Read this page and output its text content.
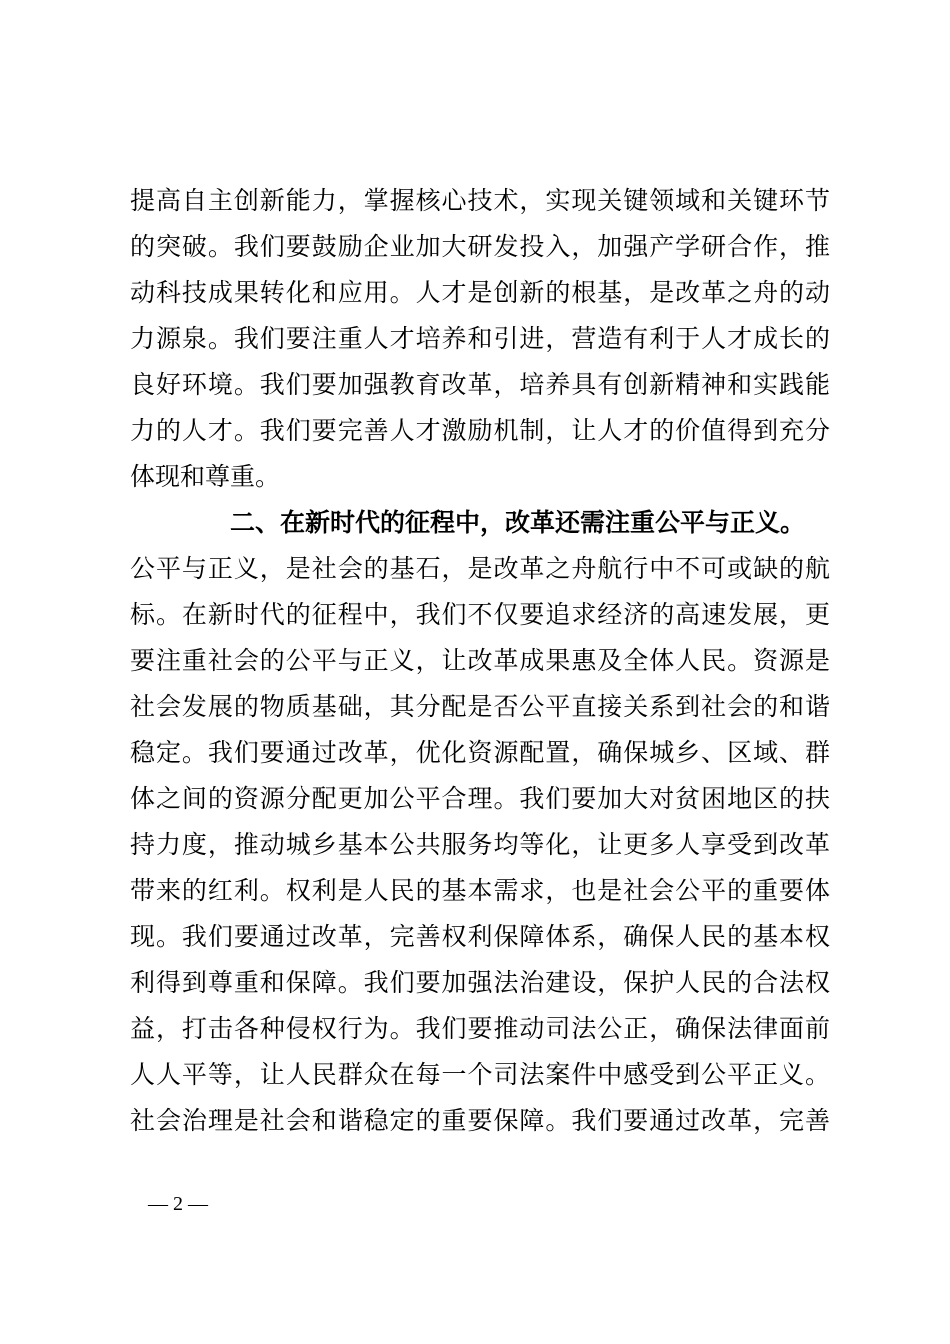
提高自主创新能力，掌握核心技术，实现关键领域和关键环节
的突破。我们要鼓励企业加大研发投入，加强产学研合作，推
动科技成果转化和应用。人才是创新的根基，是改革之舟的动
力源泉。我们要注重人才培养和引进，营造有利于人才成长的
良好环境。我们要加强教育改革，培养具有创新精神和实践能
力的人才。我们要完善人才激励机制，让人才的价值得到充分
体现和尊重。
二、在新时代的征程中，改革还需注重公平与正义。
公平与正义，是社会的基石，是改革之舟航行中不可或缺的航
标。在新时代的征程中，我们不仅要追求经济的高速发展，更
要注重社会的公平与正义，让改革成果惠及全体人民。资源是
社会发展的物质基础，其分配是否公平直接关系到社会的和谐
稳定。我们要通过改革，优化资源配置，确保城乡、区域、群
体之间的资源分配更加公平合理。我们要加大对贫困地区的扶
持力度，推动城乡基本公共服务均等化，让更多人享受到改革
带来的红利。权利是人民的基本需求，也是社会公平的重要体
现。我们要通过改革，完善权利保障体系，确保人民的基本权
利得到尊重和保障。我们要加强法治建设，保护人民的合法权
益，打击各种侵权行为。我们要推动司法公正，确保法律面前
人人平等，让人民群众在每一个司法案件中感受到公平正义。
社会治理是社会和谐稳定的重要保障。我们要通过改革，完善
— 2 —
